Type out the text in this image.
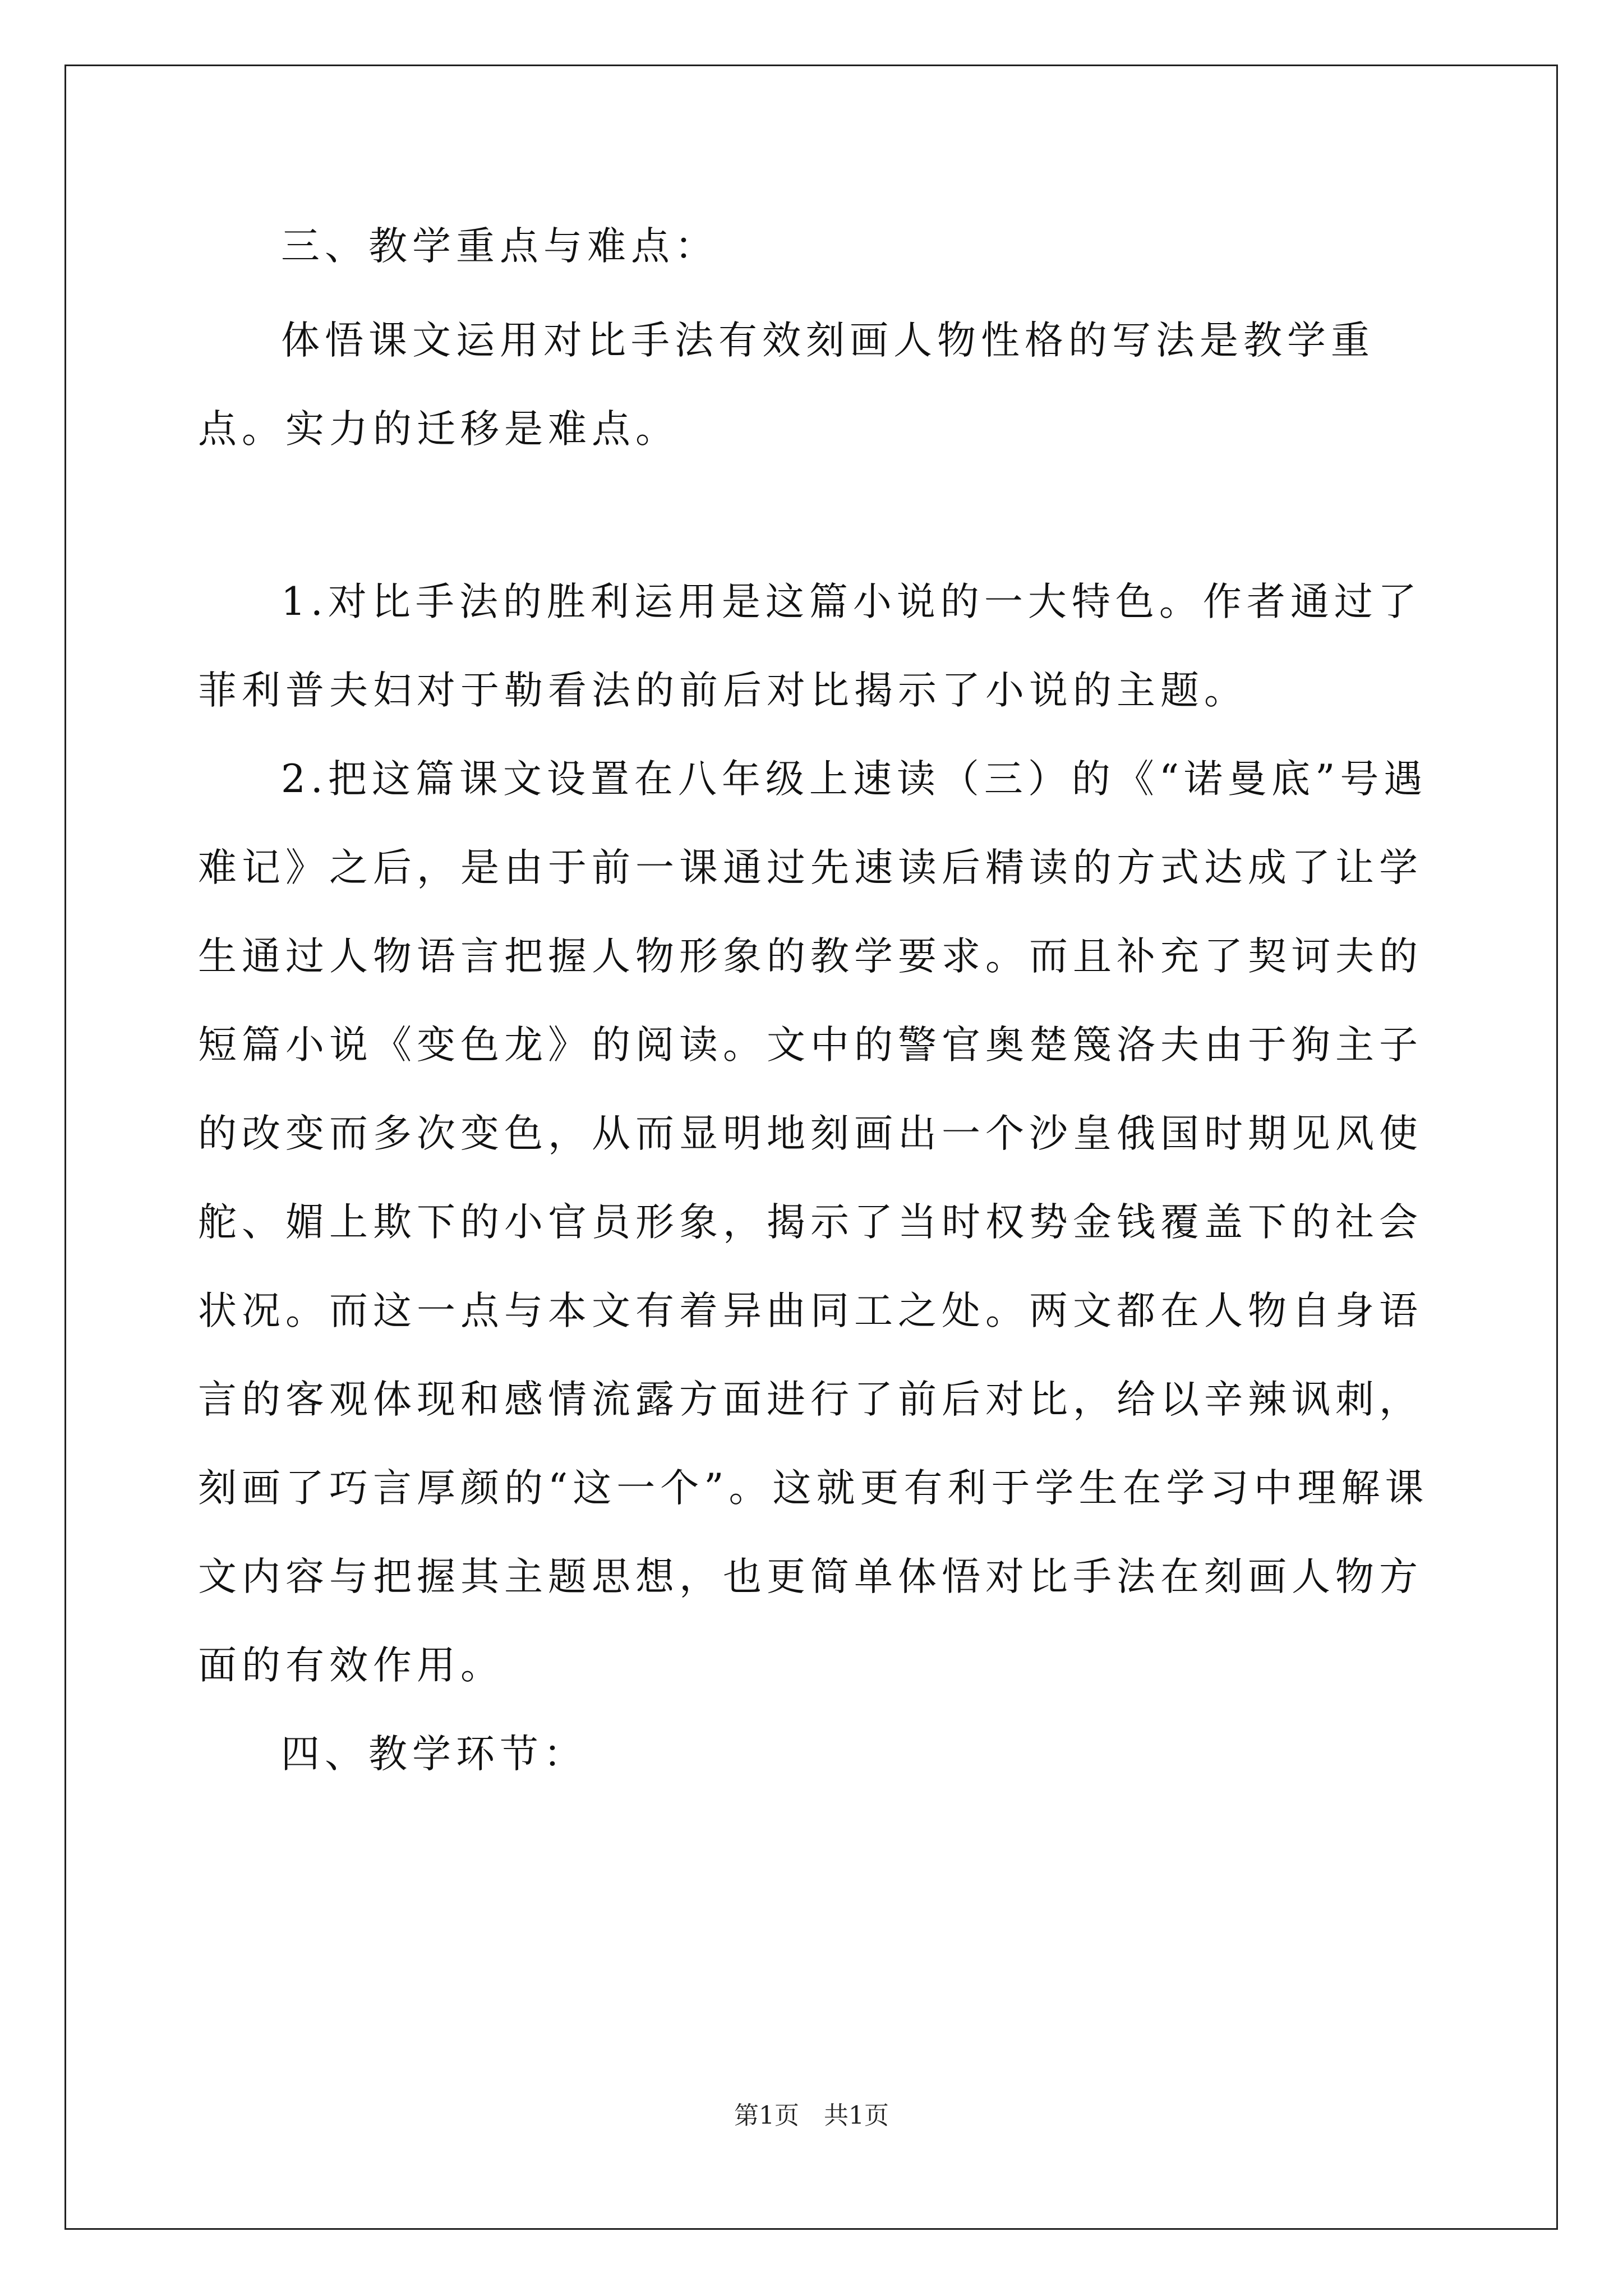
三、教学重点与难点：

体悟课文运用对比手法有效刻画人物性格的写法是教学重点。实力的迁移是难点。

1.对比手法的胜利运用是这篇小说的一大特色。作者通过了菲利普夫妇对于勒看法的前后对比揭示了小说的主题。

2.把这篇课文设置在八年级上速读（三）的《“诺曼底”号遇难记》之后，是由于前一课通过先速读后精读的方式达成了让学生通过人物语言把握人物形象的教学要求。而且补充了契诃夫的短篇小说《变色龙》的阅读。文中的警官奥楚篾洛夫由于狗主子的改变而多次变色，从而显明地刻画出一个沙皇俄国时期见风使舵、媚上欺下的小官员形象，揭示了当时权势金钱覆盖下的社会状况。而这一点与本文有着异曲同工之处。两文都在人物自身语言的客观体现和感情流露方面进行了前后对比，给以辛辣讽刺，刻画了巧言厚颜的“这一个”。这就更有利于学生在学习中理解课文内容与把握其主题思想，也更简单体悟对比手法在刻画人物方面的有效作用。

四、教学环节：

第1页　共1页
